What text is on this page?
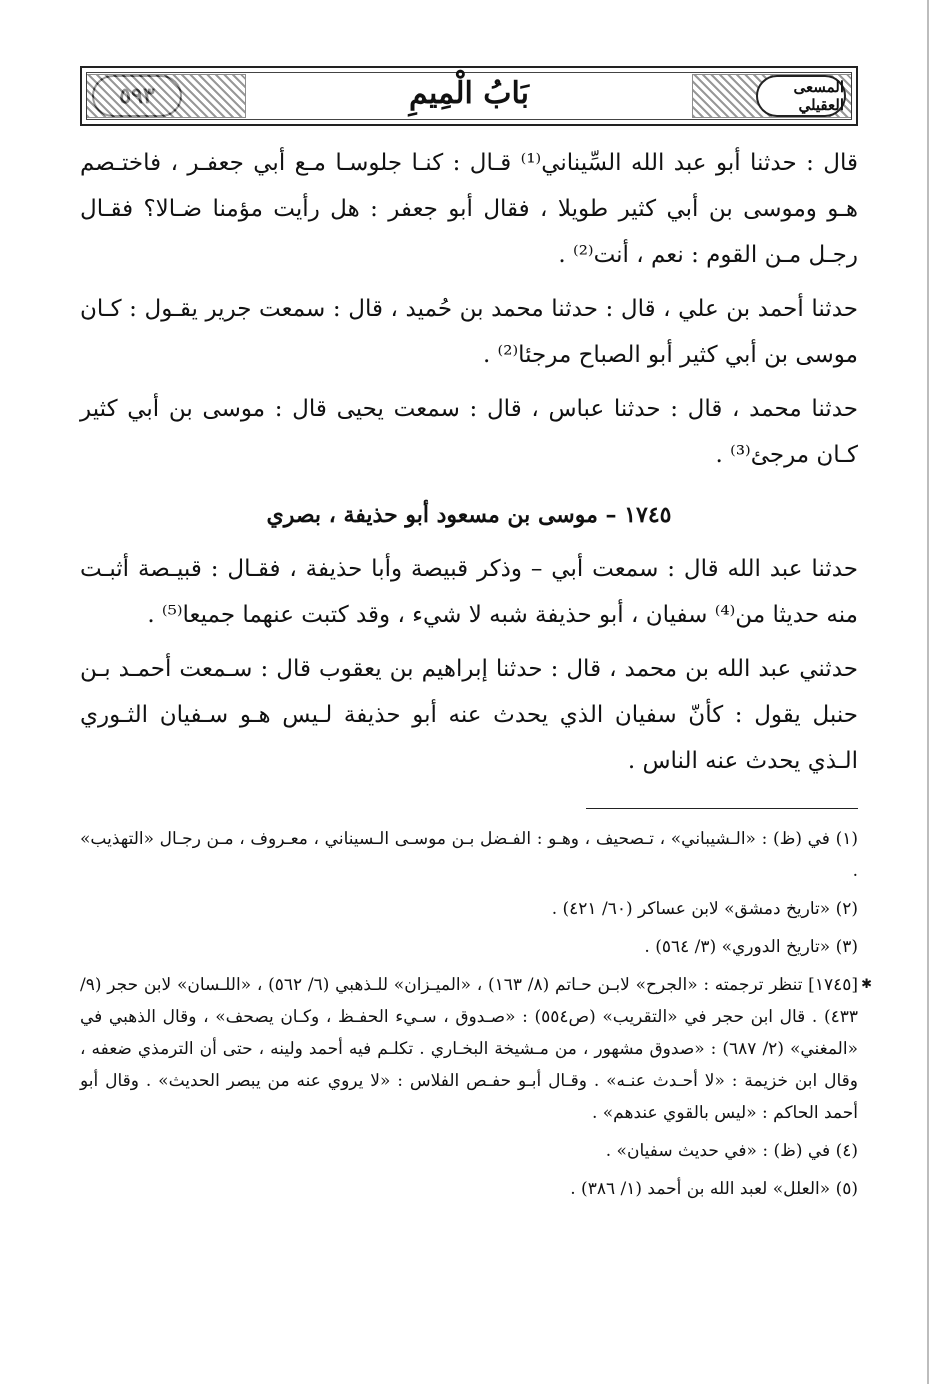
المسعى العقيلي
بَابُ الْمِيمِ

قال : حدثنا أبو عبد الله السِّيناني⁽¹⁾ قـال : كنـا جلوسـا مـع أبي جعفـر ، فاختـصم هـو وموسى بن أبي كثير طويلا ، فقال أبو جعفر : هل رأيت مؤمنا ضـالا؟ فقـال رجـل مـن القوم : نعم ، أنت⁽²⁾ .

حدثنا أحمد بن علي ، قال : حدثنا محمد بن حُميد ، قال : سمعت جرير يقـول : كـان موسى بن أبي كثير أبو الصباح مرجئا⁽²⁾ .

حدثنا محمد ، قال : حدثنا عباس ، قال : سمعت يحيى قال : موسى بن أبي كثير كـان مرجئ⁽³⁾ .

١٧٤٥ – موسى بن مسعود أبو حذيفة ، بصري

حدثنا عبد الله قال : سمعت أبي – وذكر قبيصة وأبا حذيفة ، فقـال : قبيـصة أثبـت منه حديثا من⁽⁴⁾ سفيان ، أبو حذيفة شبه لا شيء ، وقد كتبت عنهما جميعا⁽⁵⁾ .

حدثني عبد الله بن محمد ، قال : حدثنا إبراهيم بن يعقوب قال : سـمعت أحمـد بـن حنبل يقول : كأنّ سفيان الذي يحدث عنه أبو حذيفة لـيس هـو سـفيان الثـوري الـذي يحدث عنه الناس .

(١) في (ظ) : «الـشيباني» ، تـصحيف ، وهـو : الفـضل بـن موسـى الـسيناني ، معـروف ، مـن رجـال «التهذيب» .

(٢) «تاريخ دمشق» لابن عساكر (٦٠/ ٤٢١) .

(٣) «تاريخ الدوري» (٣/ ٥٦٤) .

✱ [١٧٤٥] تنظر ترجمته : «الجرح» لابـن حـاتم (٨/ ١٦٣) ، «الميـزان» للـذهبي (٦/ ٥٦٢) ، «اللـسان» لابن حجر (٩/ ٤٣٣) . قال ابن حجر في «التقريب» (ص٥٥٤) : «صـدوق ، سـيء الحفـظ ، وكـان يصحف» ، وقال الذهبي في «المغني» (٢/ ٦٨٧) : «صدوق مشهور ، من مـشيخة البخـاري . تكلـم فيه أحمد ولينه ، حتى أن الترمذي ضعفه ، وقال ابن خزيمة : «لا أحـدث عنـه» . وقـال أبـو حفـص الفلاس : «لا يروي عنه من يبصر الحديث» . وقال أبو أحمد الحاكم : «ليس بالقوي عندهم» .

(٤) في (ظ) : «في حديث سفيان» .

(٥) «العلل» لعبد الله بن أحمد (١/ ٣٨٦) .
